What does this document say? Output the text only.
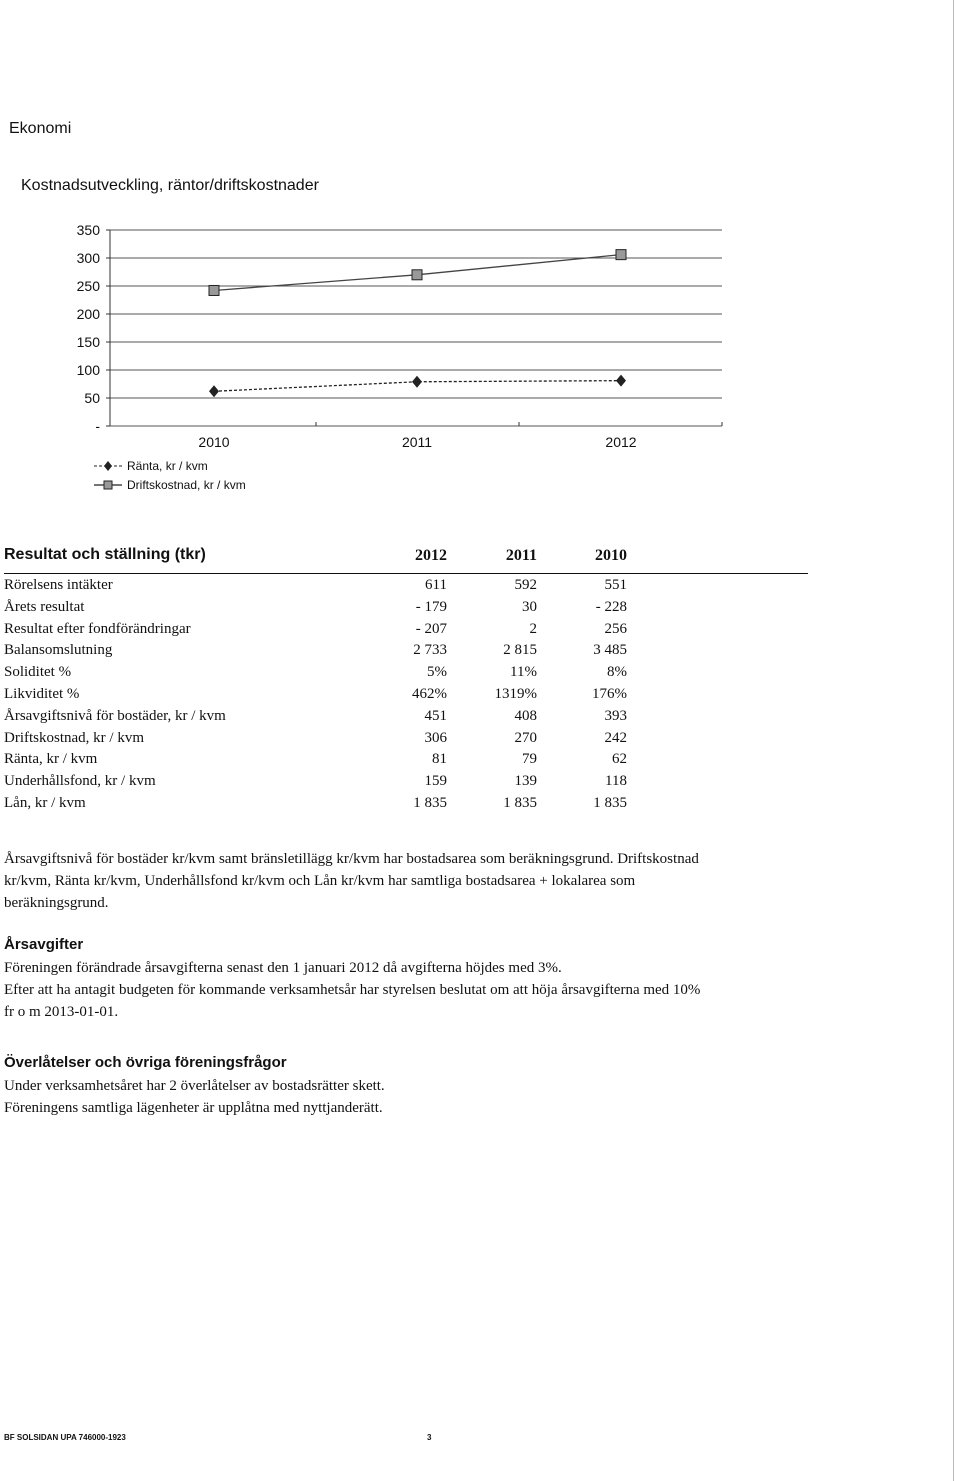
Ekonomi
Kostnadsutveckling, räntor/driftskostnader
350
300
250
200
150
100
50
-
2010	2011	2012
Ränta, kr / kvm
Driftskostnad, kr / kvm
Resultat och ställning (tkr)	2012	2011	2010
Rörelsens intäkter	611	592	551
Årets resultat	- 179	30	- 228
Resultat efter fondförändringar	- 207	2	256
Balansomslutning	2 733	2 815	3 485
Soliditet %	5%	11%	8%
Likviditet %	462%	1319%	176%
Årsavgiftsnivå för bostäder, kr / kvm	451	408	393
Driftskostnad, kr / kvm	306	270	242
Ränta, kr / kvm	81	79	62
Underhållsfond, kr / kvm	159	139	118
Lån, kr / kvm	1 835	1 835	1 835
Årsavgiftsnivå för bostäder kr/kvm samt bränsletillägg kr/kvm har bostadsarea som beräkningsgrund. Driftskostnad
kr/kvm, Ränta kr/kvm, Underhållsfond kr/kvm och Lån kr/kvm har samtliga bostadsarea + lokalarea som
beräkningsgrund.
Årsavgifter
Föreningen förändrade årsavgifterna senast den 1 januari 2012 då avgifterna höjdes med 3%.
Efter att ha antagit budgeten för kommande verksamhetsår har styrelsen beslutat om att höja årsavgifterna med 10%
fr o m 2013-01-01.
Överlåtelser och övriga föreningsfrågor
Under verksamhetsåret har 2 överlåtelser av bostadsrätter skett.
Föreningens samtliga lägenheter är upplåtna med nyttjanderätt.
BF SOLSIDAN UPA 746000-1923	3
